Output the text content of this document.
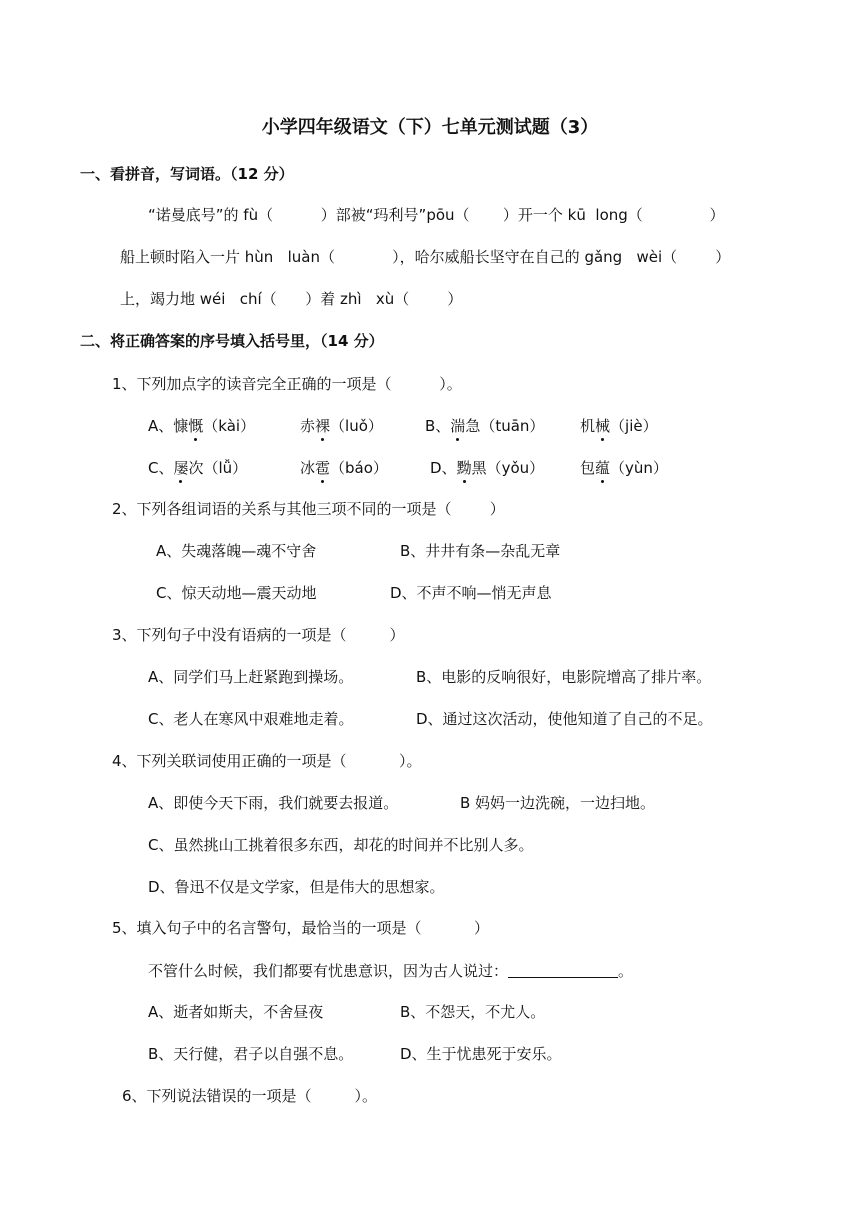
小学四年级语文（下）七单元测试题（3）
一、看拼音，写词语。（12 分）
“诺曼底号”的 fù（          ）部被“玛利号”pōu（       ）开一个 kū  long（              ）
船上顿时陷入一片 hùn   luàn（            ），哈尔威船长坚守在自己的 gǎng   wèi（        ）
上，竭力地 wéi   chí（      ）着 zhì   xù（        ）
二、将正确答案的序号填入括号里，（14 分）
1、下列加点字的读音完全正确的一项是（          ）。
A、慷慨（kài）	赤裸（luǒ）	B、湍急（tuān） 机械（jiè）
C、屡次（lǚ）	冰雹（báo）	D、黝黑（yǒu） 包蕴（yùn）
2、下列各组词语的关系与其他三项不同的一项是（        ）
A、失魂落魄—魂不守舍	B、井井有条—杂乱无章
C、惊天动地—震天动地	D、不声不响—悄无声息
3、下列句子中没有语病的一项是（         ）
A、同学们马上赶紧跑到操场。	B、电影的反响很好，电影院增高了排片率。
C、老人在寒风中艰难地走着。	D、通过这次活动，使他知道了自己的不足。
4、下列关联词使用正确的一项是（           ）。
A、即使今天下雨，我们就要去报道。	B 妈妈一边洗碗，一边扫地。
C、虽然挑山工挑着很多东西，却花的时间并不比别人多。
D、鲁迅不仅是文学家，但是伟大的思想家。
5、填入句子中的名言警句，最恰当的一项是（           ）
不管什么时候，我们都要有忧患意识，因为古人说过：	。
A、逝者如斯夫，不舍昼夜	B、不怨天，不尤人。
B、天行健，君子以自强不息。	D、生于忧患死于安乐。
6、下列说法错误的一项是（         ）。
